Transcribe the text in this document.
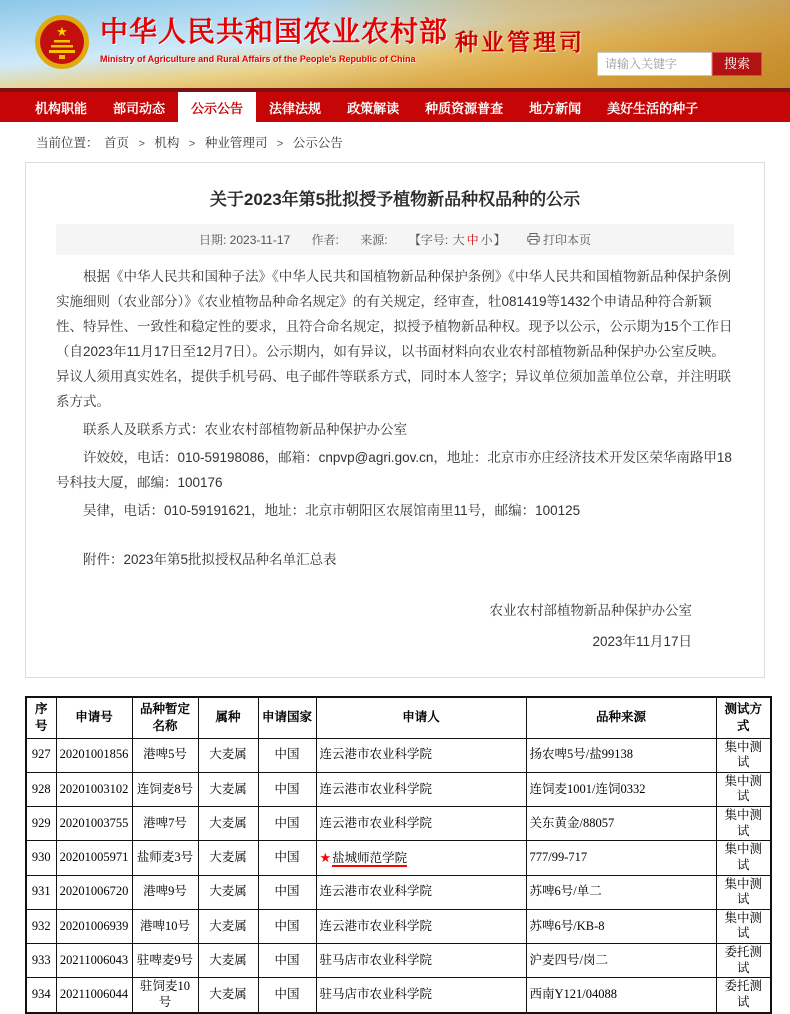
★ 中华人民共和国农业农村部
Ministry of Agriculture and Rural Affairs of the People's Republic of China
种业管理司
请输入关键字
搜索
机构职能	部司动态	公示公告	法律法规	政策解读	种质资源普查	地方新闻	美好生活的种子
当前位置： 首页 > 机构 > 种业管理司 > 公示公告
关于2023年第5批拟授予植物新品种权品种的公示
日期: 2023-11-17 作者: 来源: 【字号: 大 中 小】	打印本页

根据《中华人民共和国种子法》《中华人民共和国植物新品种保护条例》《中华人民共和国植物新品种保护条例实施细则（农业部分）》《农业植物品种命名规定》的有关规定，经审查，牡081419等1432个申请品种符合新颖性、特异性、一致性和稳定性的要求，且符合命名规定，拟授予植物新品种权。现予以公示，公示期为15个工作日（自2023年11月17日至12月7日）。公示期内，如有异议，以书面材料向农业农村部植物新品种保护办公室反映。异议人须用真实姓名，提供手机号码、电子邮件等联系方式，同时本人签字；异议单位须加盖单位公章，并注明联系方式。

联系人及联系方式：农业农村部植物新品种保护办公室

许姣姣，电话：010-59198086，邮箱：cnpvp@agri.gov.cn，地址：北京市亦庄经济技术开发区荣华南路甲18号科技大厦，邮编：100176

吴律，电话：010-59191621，地址：北京市朝阳区农展馆南里11号，邮编：100125

附件：2023年第5批拟授权品种名单汇总表
农业农村部植物新品种保护办公室
2023年11月17日
序号	申请号	品种暂定名称	属种	申请国家	申请人	品种来源	测试方式
927	20201001856	港啤5号	大麦属	中国	连云港市农业科学院	扬农啤5号/盐99138	集中测试
928	20201003102	连饲麦8号	大麦属	中国	连云港市农业科学院	连饲麦1001/连饲0332	集中测试
929	20201003755	港啤7号	大麦属	中国	连云港市农业科学院	关东黄金/88057	集中测试
930	20201005971	盐师麦3号	大麦属	中国	★盐城师范学院	777/99-717	集中测试
931	20201006720	港啤9号	大麦属	中国	连云港市农业科学院	苏啤6号/单二	集中测试
932	20201006939	港啤10号	大麦属	中国	连云港市农业科学院	苏啤6号/KB-8	集中测试
933	20211006043	驻啤麦9号	大麦属	中国	驻马店市农业科学院	沪麦四号/岗二	委托测试
934	20211006044	驻饲麦10号	大麦属	中国	驻马店市农业科学院	西南Y121/04088	委托测试
